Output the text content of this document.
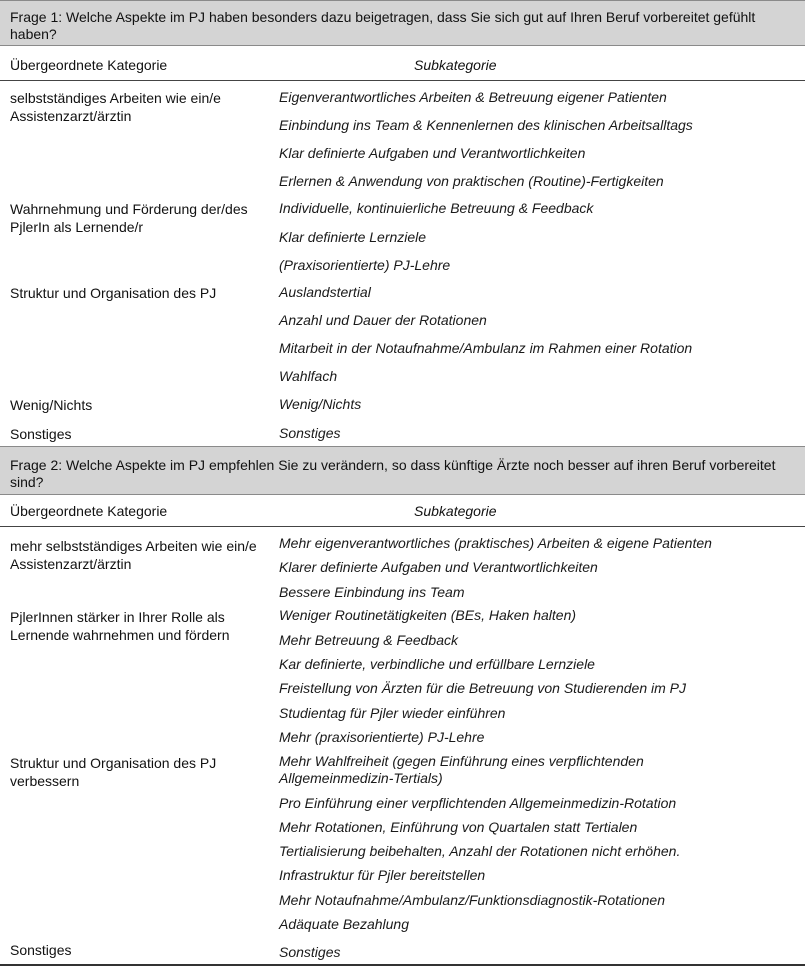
Frage 1: Welche Aspekte im PJ haben besonders dazu beigetragen, dass Sie sich gut auf Ihren Beruf vorbereitet gefühlt haben?
Übergeordnete Kategorie	Subkategorie
selbstständiges Arbeiten wie ein/e Assistenzarzt/ärztin
Wahrnehmung und Förderung der/des PjlerIn als Lernende/r
Struktur und Organisation des PJ
Wenig/Nichts
Sonstiges
Eigenverantwortliches Arbeiten & Betreuung eigener Patienten
Einbindung ins Team & Kennenlernen des klinischen Arbeitsalltags
Klar definierte Aufgaben und Verantwortlichkeiten
Erlernen & Anwendung von praktischen (Routine)-Fertigkeiten
Individuelle, kontinuierliche Betreuung & Feedback
Klar definierte Lernziele
(Praxisorientierte) PJ-Lehre
Auslandstertial
Anzahl und Dauer der Rotationen
Mitarbeit in der Notaufnahme/Ambulanz im Rahmen einer Rotation
Wahlfach
Wenig/Nichts
Sonstiges
Frage 2: Welche Aspekte im PJ empfehlen Sie zu verändern, so dass künftige Ärzte noch besser auf ihren Beruf vorbereitet sind?
Übergeordnete Kategorie	Subkategorie
mehr selbstständiges Arbeiten wie ein/e Assistenzarzt/ärztin
PjlerInnen stärker in Ihrer Rolle als Lernende wahrnehmen und fördern
Struktur und Organisation des PJ verbessern
Sonstiges
Mehr eigenverantwortliches (praktisches) Arbeiten & eigene Patienten
Klarer definierte Aufgaben und Verantwortlichkeiten
Bessere Einbindung ins Team
Weniger Routinetätigkeiten (BEs, Haken halten)
Mehr Betreuung & Feedback
Kar definierte, verbindliche und erfüllbare Lernziele
Freistellung von Ärzten für die Betreuung von Studierenden im PJ
Studientag für Pjler wieder einführen
Mehr (praxisorientierte) PJ-Lehre
Mehr Wahlfreiheit (gegen Einführung eines verpflichtenden Allgemeinmedizin-Tertials)
Pro Einführung einer verpflichtenden Allgemeinmedizin-Rotation
Mehr Rotationen, Einführung von Quartalen statt Tertialen
Tertialisierung beibehalten, Anzahl der Rotationen nicht erhöhen.
Infrastruktur für Pjler bereitstellen
Mehr Notaufnahme/Ambulanz/Funktionsdiagnostik-Rotationen
Adäquate Bezahlung
Sonstiges
